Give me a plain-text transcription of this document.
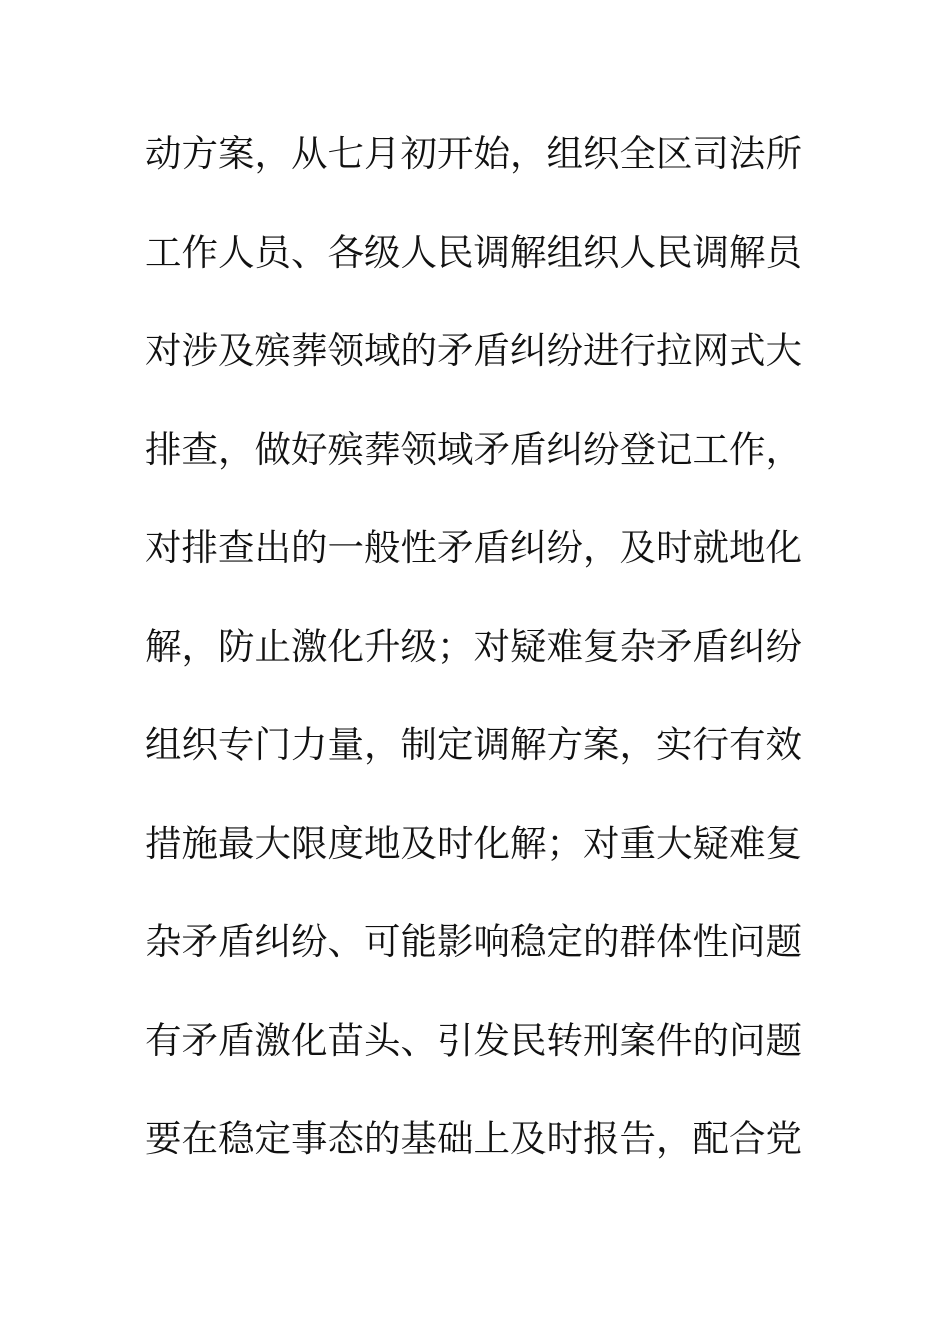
动方案，从七月初开始，组织全区司法所
工作人员、各级人民调解组织人民调解员
对涉及殡葬领域的矛盾纠纷进行拉网式大
排查，做好殡葬领域矛盾纠纷登记工作，
对排查出的一般性矛盾纠纷，及时就地化
解，防止激化升级；对疑难复杂矛盾纠纷
组织专门力量，制定调解方案，实行有效
措施最大限度地及时化解；对重大疑难复
杂矛盾纠纷、可能影响稳定的群体性问题
有矛盾激化苗头、引发民转刑案件的问题
要在稳定事态的基础上及时报告，配合党
